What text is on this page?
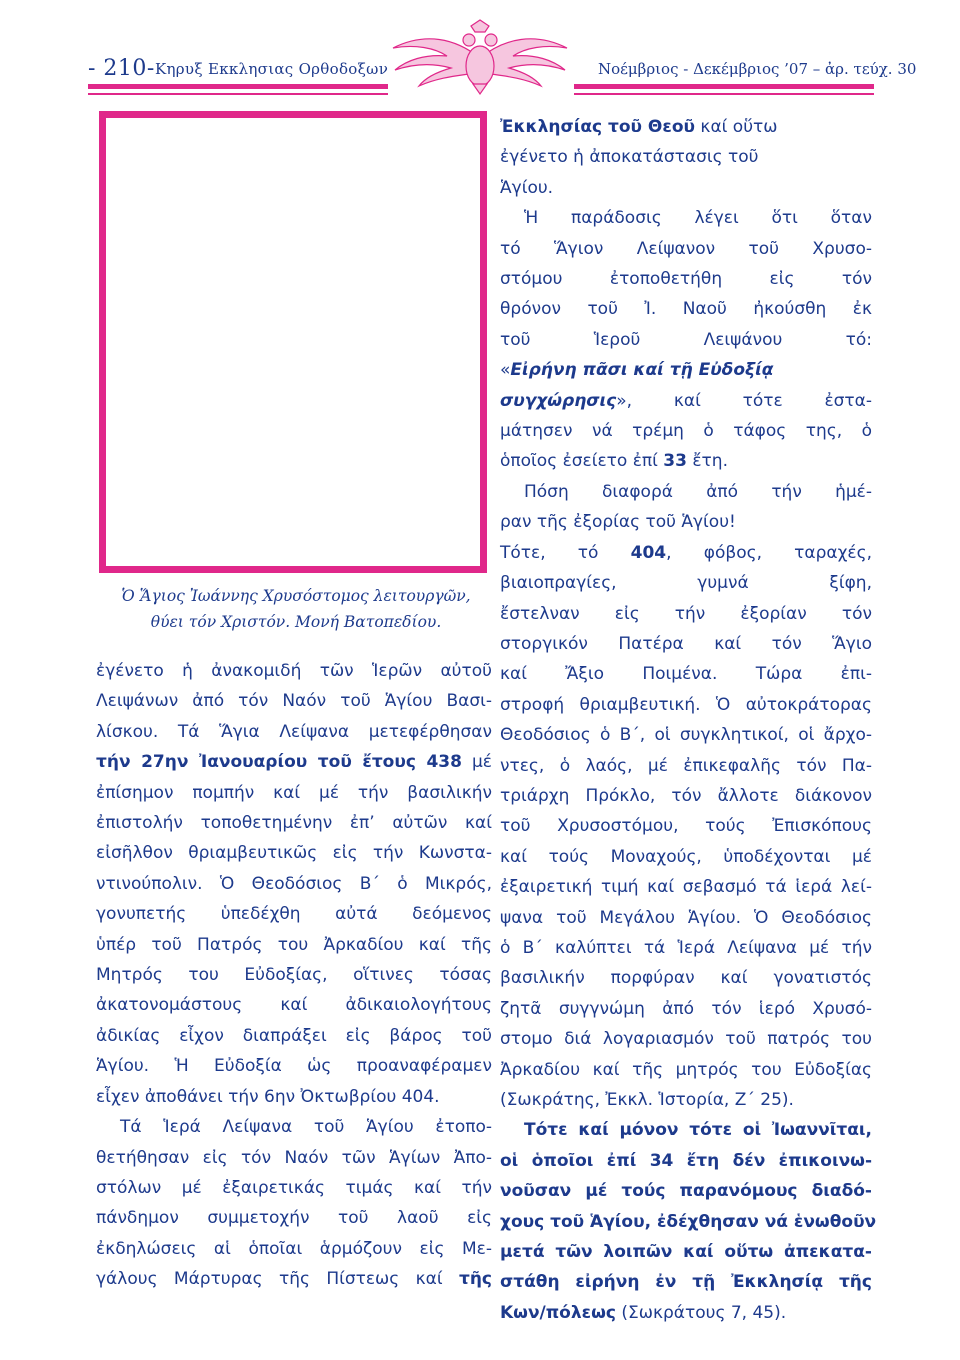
- 210- Κηρυξ Εκκλησιας Ορθοδοξων	Νοέμβριος - Δεκέμβριος ’07 – ἀρ. τεύχ. 30
Ὁ Ἅγιος Ἰωάννης Χρυσόστομος λειτουργῶν,
θύει τόν Χριστόν. Μονή Βατοπεδίου.
ἐγένετο ἡ ἀνακομιδή τῶν Ἱερῶν αὐτοῦ
Λειψάνων ἀπό τόν Ναόν τοῦ Ἁγίου Βασι-
λίσκου. Τά Ἅγια Λείψανα μετεφέρθησαν
τήν 27ην Ἰανουαρίου τοῦ ἔτους 438 μέ
ἐπίσημον πομπήν καί μέ τήν βασιλικήν
ἐπιστολήν τοποθετημένην ἐπ’ αὐτῶν καί
εἰσῆλθον θριαμβευτικῶς εἰς τήν Κωνστα-
ντινούπολιν. Ὁ Θεοδόσιος Β΄ ὁ Μικρός,
γονυπετής ὑπεδέχθη αὐτά δεόμενος
ὑπέρ τοῦ Πατρός του Ἀρκαδίου καί τῆς
Μητρός του Εὐδοξίας, οἵτινες τόσας
ἀκατονομάστους καί ἀδικαιολογήτους
ἀδικίας εἶχον διαπράξει εἰς βάρος τοῦ
Ἁγίου. Ἡ Εὐδοξία ὡς προαναφέραμεν
εἶχεν ἀποθάνει τήν 6ην Ὀκτωβρίου 404.
Τά Ἱερά Λείψανα τοῦ Ἁγίου ἐτοπο-
θετήθησαν εἰς τόν Ναόν τῶν Ἁγίων Ἀπο-
στόλων μέ ἐξαιρετικάς τιμάς καί τήν
πάνδημον συμμετοχήν τοῦ λαοῦ εἰς
ἐκδηλώσεις αἱ ὁποῖαι ἁρμόζουν εἰς Με-
γάλους Μάρτυρας τῆς Πίστεως καί τῆς
Ἐκκλησίας τοῦ Θεοῦ καί οὕτω
ἐγένετο ἡ ἀποκατάστασις τοῦ
Ἁγίου.
Ἡ παράδοσις λέγει ὅτι ὅταν
τό Ἅγιον Λείψανον τοῦ Χρυσο-
στόμου ἐτοποθετήθη εἰς τόν
θρόνον τοῦ Ἰ. Ναοῦ ἠκούσθη ἐκ
τοῦ Ἱεροῦ Λειψάνου τό:
«Εἰρήνη πᾶσι καί τῇ Εὐδοξίᾳ
συγχώρησις», καί τότε ἐστα-
μάτησεν νά τρέμη ὁ τάφος της, ὁ
ὁποῖος ἐσείετο ἐπί 33 ἔτη.
Πόση διαφορά ἀπό τήν ἡμέ-
ραν τῆς ἐξορίας τοῦ Ἁγίου!
Τότε, τό 404, φόβος, ταραχές,
βιαιοπραγίες, γυμνά ξίφη,
ἔστελναν εἰς τήν ἐξορίαν τόν
στοργικόν Πατέρα καί τόν Ἅγιο
καί Ἄξιο Ποιμένα. Τώρα ἐπι-
στροφή θριαμβευτική. Ὁ αὐτοκράτορας
Θεοδόσιος ὁ Β΄, οἱ συγκλητικοί, οἱ ἄρχο-
ντες, ὁ λαός, μέ ἐπικεφαλῆς τόν Πα-
τριάρχη Πρόκλο, τόν ἄλλοτε διάκονον
τοῦ Χρυσοστόμου, τούς Ἐπισκόπους
καί τούς Μοναχούς, ὑποδέχονται μέ
ἐξαιρετική τιμή καί σεβασμό τά ἱερά λεί-
ψανα τοῦ Μεγάλου Ἁγίου. Ὁ Θεοδόσιος
ὁ Β΄ καλύπτει τά Ἱερά Λείψανα μέ τήν
βασιλικήν πορφύραν καί γονατιστός
ζητᾶ συγγνώμη ἀπό τόν ἱερό Χρυσό-
στομο διά λογαριασμόν τοῦ πατρός του
Ἀρκαδίου καί τῆς μητρός του Εὐδοξίας
(Σωκράτης, Ἐκκλ. Ἱστορία, Ζ΄ 25).
Τότε καί μόνον τότε οἱ Ἰωαννῖται,
οἱ ὁποῖοι ἐπί 34 ἔτη δέν ἐπικοινω-
νοῦσαν μέ τούς παρανόμους διαδό-
χους τοῦ Ἁγίου, ἐδέχθησαν νά ἑνωθοῦν
μετά τῶν λοιπῶν καί οὕτω ἀπεκατα-
στάθη εἰρήνη ἐν τῇ Ἐκκλησίᾳ τῆς
Κων/πόλεως (Σωκράτους 7, 45).
